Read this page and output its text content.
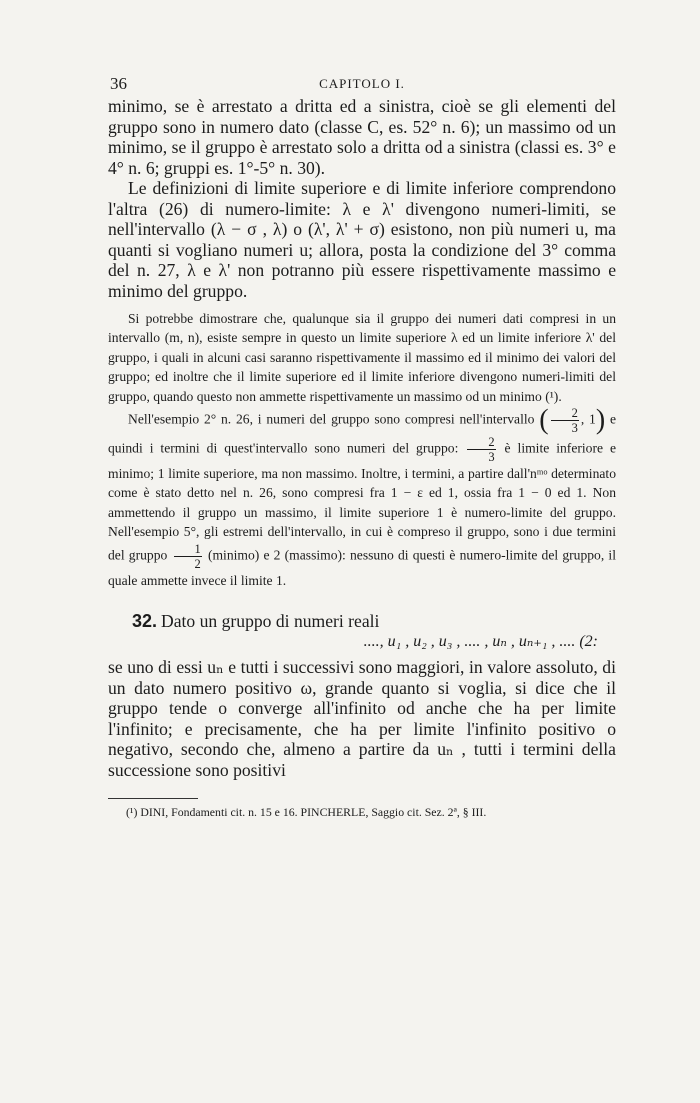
36	CAPITOLO I.

minimo, se è arrestato a dritta ed a sinistra, cioè se gli elementi del gruppo sono in numero dato (classe C, es. 52° n. 6); un massimo od un minimo, se il gruppo è arrestato solo a dritta od a sinistra (classi es. 3° e 4° n. 6; gruppi es. 1°-5° n. 30).

Le definizioni di limite superiore e di limite inferiore comprendono l'altra (26) di numero-limite: λ e λ' divengono numeri-limiti, se nell'intervallo (λ − σ , λ) o (λ', λ' + σ) esistono, non più numeri u, ma quanti si vogliano numeri u; allora, posta la condizione del 3° comma del n. 27, λ e λ' non potranno più essere rispettivamente massimo e minimo del gruppo.

Si potrebbe dimostrare che, qualunque sia il gruppo dei numeri dati compresi in un intervallo (m, n), esiste sempre in questo un limite superiore λ ed un limite inferiore λ' del gruppo, i quali in alcuni casi saranno rispettivamente il massimo ed il minimo dei valori del gruppo; ed inoltre che il limite superiore ed il limite inferiore divengono numeri-limiti del gruppo, quando questo non ammette rispettivamente un massimo od un minimo (¹).

Nell'esempio 2° n. 26, i numeri del gruppo sono compresi nell'intervallo ( $\frac{2}{3}$ , 1) e quindi i termini di quest'intervallo sono numeri del gruppo: $\frac{2}{3}$ è limite inferiore e minimo; 1 limite superiore, ma non massimo. Inoltre, i termini, a partire dall'nᵐᵒ determinato come è stato detto nel n. 26, sono compresi fra 1 − ε ed 1, ossia fra 1 − 0 ed 1. Non ammettendo il gruppo un massimo, il limite superiore 1 è numero-limite del gruppo. Nell'esempio 5°, gli estremi dell'intervallo, in cui è compreso il gruppo, sono i due termini del gruppo $\frac{1}{2}$ (minimo) e 2 (massimo): nessuno di questi è numero-limite del gruppo, il quale ammette invece il limite 1.

32. Dato un gruppo di numeri reali

...., u₁ , u₂ , u₃ , .... , uₙ , uₙ₊₁ , .... (2:

se uno di essi uₙ e tutti i successivi sono maggiori, in valore assoluto, di un dato numero positivo ω, grande quanto si voglia, si dice che il gruppo tende o converge all'infinito od anche che ha per limite l'infinito; e precisamente, che ha per limite l'infinito positivo o negativo, secondo che, almeno a partire da uₙ , tutti i termini della successione sono positivi

(¹) DINI, Fondamenti cit. n. 15 e 16. PINCHERLE, Saggio cit. Sez. 2ª, § III.
